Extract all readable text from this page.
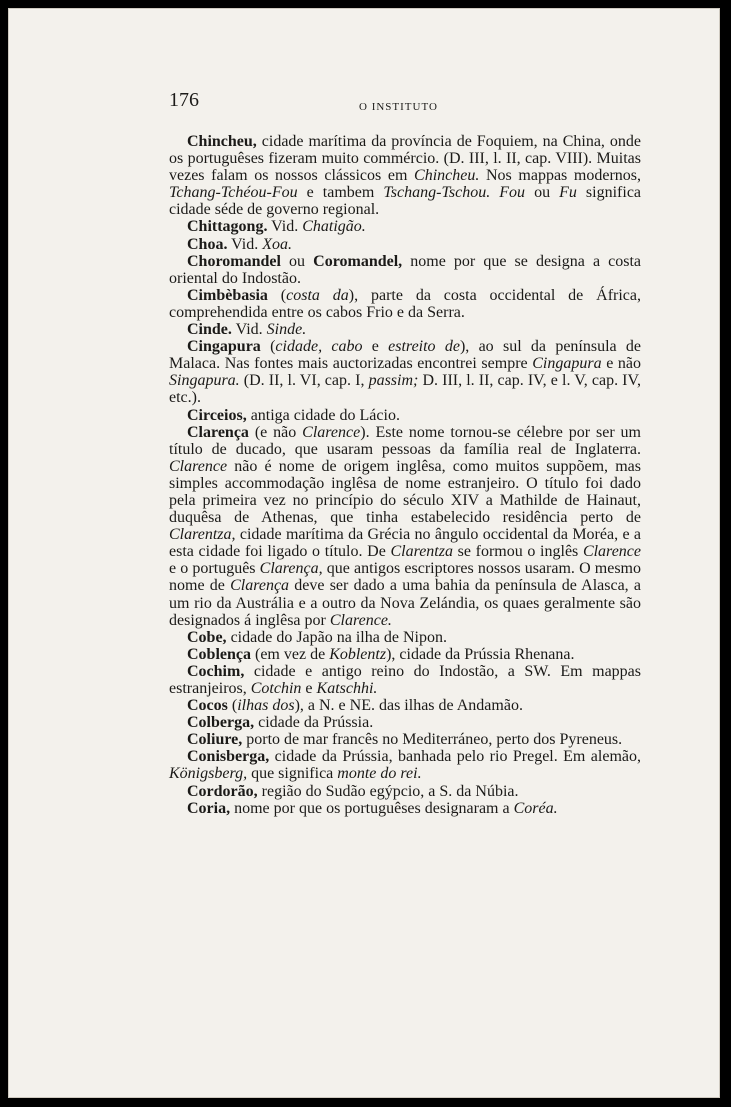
176	O INSTITUTO

Chincheu, cidade marítima da província de Foquiem, na China, onde os portuguêses fizeram muito commércio. (D. III, l. II, cap. VIII). Muitas vezes falam os nossos clássicos em Chincheu. Nos mappas modernos, Tchang-Tchéou-Fou e tambem Tschang-Tschou. Fou ou Fu significa cidade séde de governo regional.

Chittagong. Vid. Chatigão.

Choa. Vid. Xoa.

Choromandel ou Coromandel, nome por que se designa a costa oriental do Indostão.

Cimbèbasia (costa da), parte da costa occidental de África, comprehendida entre os cabos Frio e da Serra.

Cinde. Vid. Sinde.

Cingapura (cidade, cabo e estreito de), ao sul da península de Malaca. Nas fontes mais auctorizadas encontrei sempre Cingapura e não Singapura. (D. II, l. VI, cap. I, passim; D. III, l. II, cap. IV, e l. V, cap. IV, etc.).

Circeios, antiga cidade do Lácio.

Clarença (e não Clarence). Este nome tornou-se célebre por ser um título de ducado, que usaram pessoas da família real de Inglaterra. Clarence não é nome de origem inglêsa, como muitos suppõem, mas simples accommodação inglêsa de nome estranjeiro. O título foi dado pela primeira vez no princípio do século XIV a Mathilde de Hainaut, duquêsa de Athenas, que tinha estabelecido residência perto de Clarentza, cidade marítima da Grécia no ângulo occidental da Moréa, e a esta cidade foi ligado o título. De Clarentza se formou o inglês Clarence e o português Clarença, que antigos escriptores nossos usaram. O mesmo nome de Clarença deve ser dado a uma bahia da península de Alasca, a um rio da Austrália e a outro da Nova Zelándia, os quaes geralmente são designados á inglêsa por Clarence.

Cobe, cidade do Japão na ilha de Nipon.

Coblença (em vez de Koblentz), cidade da Prússia Rhenana.

Cochim, cidade e antigo reino do Indostão, a SW. Em mappas estranjeiros, Cotchin e Katschhi.

Cocos (ilhas dos), a N. e NE. das ilhas de Andamão.

Colberga, cidade da Prússia.

Coliure, porto de mar francês no Mediterráneo, perto dos Pyreneus.

Conisberga, cidade da Prússia, banhada pelo rio Pregel. Em alemão, Königsberg, que significa monte do rei.

Cordorão, região do Sudão egýpcio, a S. da Núbia.

Coria, nome por que os portuguêses designaram a Coréa.
